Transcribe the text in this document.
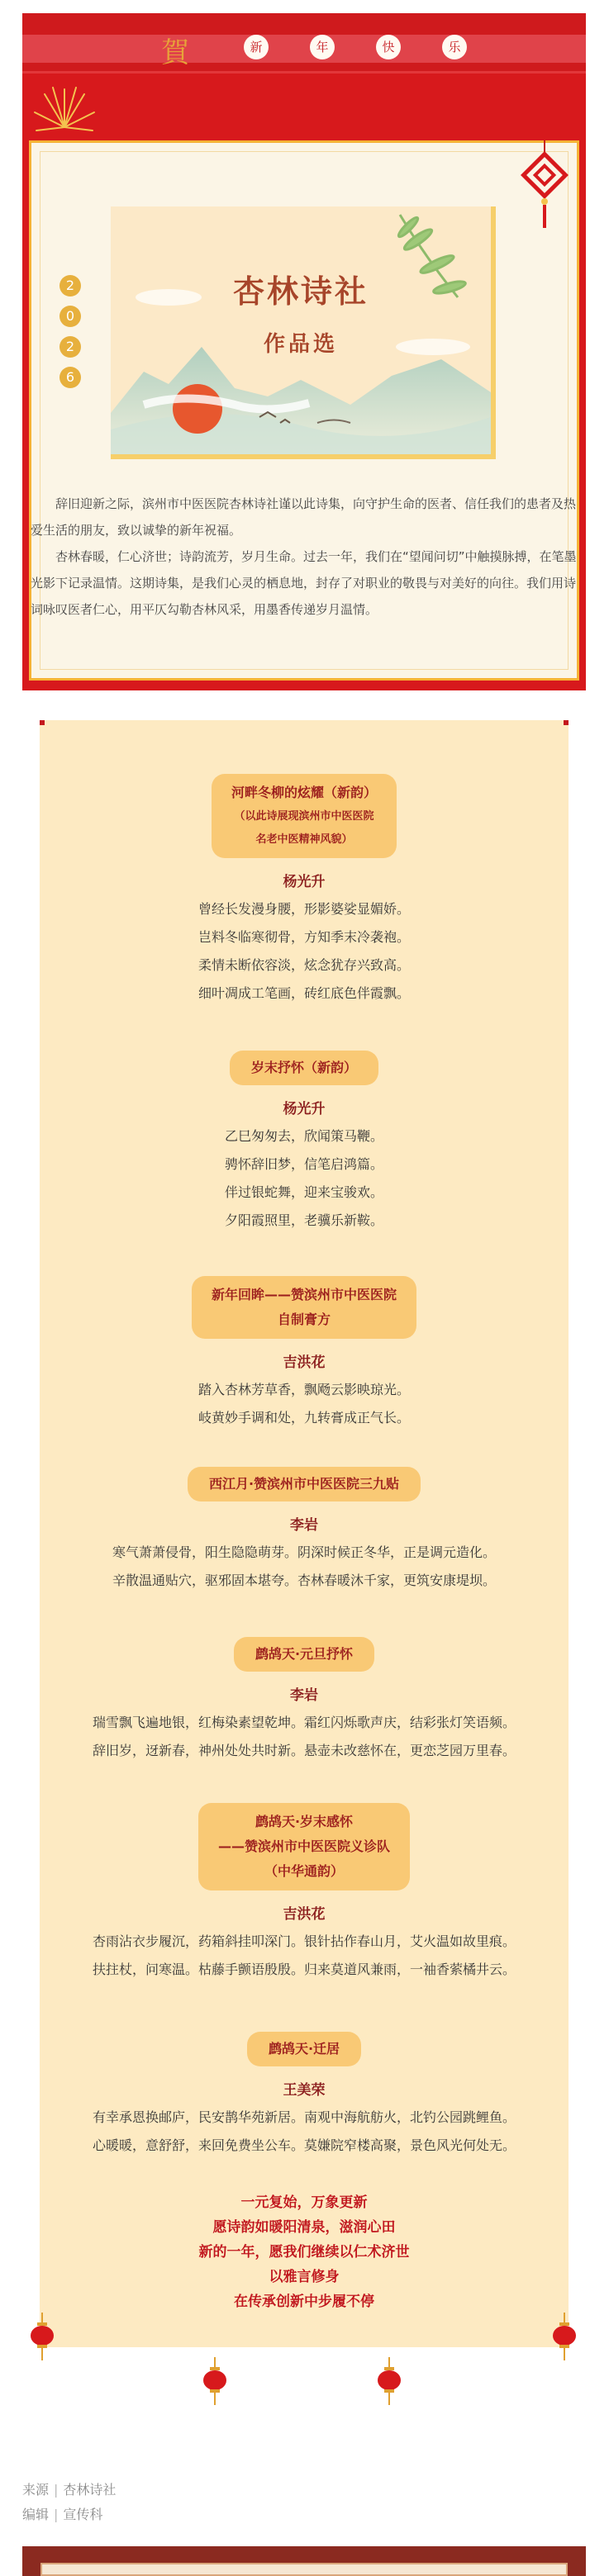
賀	新	年	快	乐
杏林诗社
作品选
2
0
2
6

辞旧迎新之际，滨州市中医医院杏林诗社谨以此诗集，向守护生命的医者、信任我们的患者及热爱生活的朋友，致以诚挚的新年祝福。

杏林春暖，仁心济世；诗韵流芳，岁月生命。过去一年，我们在“望闻问切”中触摸脉搏，在笔墨光影下记录温情。这期诗集，是我们心灵的栖息地，封存了对职业的敬畏与对美好的向往。我们用诗词咏叹医者仁心，用平仄勾勒杏林风采，用墨香传递岁月温情。

河畔冬柳的炫耀（新韵）
（以此诗展现滨州市中医医院
名老中医精神风貌）
杨光升
曾经长发漫身腰，形影婆娑显媚娇。
岂料冬临寒彻骨，方知季末冷袭袍。
柔情未断依容淡，炫念犹存兴致高。
细叶凋成工笔画，砖红底色伴霞飘。
岁末抒怀（新韵）
杨光升
乙巳匆匆去，欣闻策马鞭。
骋怀辞旧梦，信笔启鸿篇。
伴过银蛇舞，迎来宝骏欢。
夕阳霞照里，老骥乐新鞍。
新年回眸——赞滨州市中医医院
自制膏方
吉洪花
踏入杏林芳草香，飘飏云影映琼光。
岐黄妙手调和处，九转膏成正气长。
西江月·赞滨州市中医医院三九贴
李岩
寒气萧萧侵骨，阳生隐隐萌芽。阴深时候正冬华，正是调元造化。
辛散温通贴穴，驱邪固本堪夸。杏林春暖沐千家，更筑安康堤坝。
鹧鸪天·元旦抒怀
李岩
瑞雪飘飞遍地银，红梅染素望乾坤。霜红闪烁歌声庆，结彩张灯笑语频。
辞旧岁，迓新春，神州处处共时新。悬壶未改慈怀在，更恋芝园万里春。
鹧鸪天·岁末感怀
——赞滨州市中医医院义诊队
（中华通韵）
吉洪花
杏雨沾衣步履沉，药箱斜挂叩深门。银针拈作春山月，艾火温如故里痕。
扶拄杖，问寒温。枯藤手颤语殷殷。归来莫道风兼雨，一袖香萦橘井云。
鹧鸪天·迁居
王美荣
有幸承恩换邮庐，民安鹊华苑新居。南观中海航舫火，北钓公园跳鲤鱼。
心暖暖，意舒舒，来回免费坐公车。莫嫌院窄楼高聚，景色风光何处无。
一元复始，万象更新
愿诗韵如暖阳清泉，滋润心田
新的一年，愿我们继续以仁术济世
以雅言修身
在传承创新中步履不停
来源 | 杏林诗社
编辑 | 宣传科
